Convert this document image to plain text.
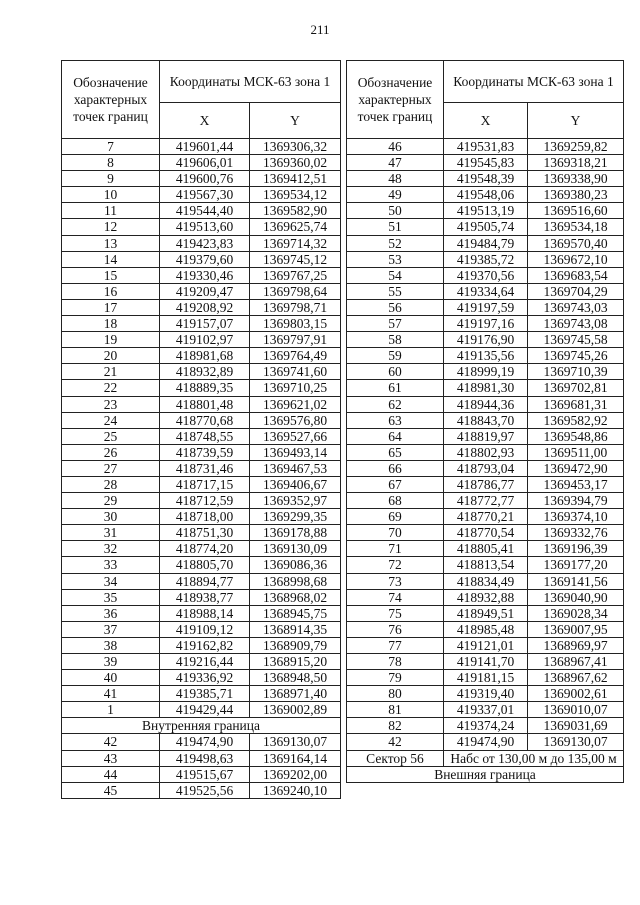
211
Обозначение характерных точек границ	Координаты МСК-63 зона 1	
	X	Y
7	419601,44	1369306,32
8	419606,01	1369360,02
9	419600,76	1369412,51
10	419567,30	1369534,12
11	419544,40	1369582,90
12	419513,60	1369625,74
13	419423,83	1369714,32
14	419379,60	1369745,12
15	419330,46	1369767,25
16	419209,47	1369798,64
17	419208,92	1369798,71
18	419157,07	1369803,15
19	419102,97	1369797,91
20	418981,68	1369764,49
21	418932,89	1369741,60
22	418889,35	1369710,25
23	418801,48	1369621,02
24	418770,68	1369576,80
25	418748,55	1369527,66
26	418739,59	1369493,14
27	418731,46	1369467,53
28	418717,15	1369406,67
29	418712,59	1369352,97
30	418718,00	1369299,35
31	418751,30	1369178,88
32	418774,20	1369130,09
33	418805,70	1369086,36
34	418894,77	1368998,68
35	418938,77	1368968,02
36	418988,14	1368945,75
37	419109,12	1368914,35
38	419162,82	1368909,79
39	419216,44	1368915,20
40	419336,92	1368948,50
41	419385,71	1368971,40
1	419429,44	1369002,89
Внутренняя граница		
42	419474,90	1369130,07
43	419498,63	1369164,14
44	419515,67	1369202,00
45	419525,56	1369240,10
Обозначение характерных точек границ	Координаты МСК-63 зона 1	
	X	Y
46	419531,83	1369259,82
47	419545,83	1369318,21
48	419548,39	1369338,90
49	419548,06	1369380,23
50	419513,19	1369516,60
51	419505,74	1369534,18
52	419484,79	1369570,40
53	419385,72	1369672,10
54	419370,56	1369683,54
55	419334,64	1369704,29
56	419197,59	1369743,03
57	419197,16	1369743,08
58	419176,90	1369745,58
59	419135,56	1369745,26
60	418999,19	1369710,39
61	418981,30	1369702,81
62	418944,36	1369681,31
63	418843,70	1369582,92
64	418819,97	1369548,86
65	418802,93	1369511,00
66	418793,04	1369472,90
67	418786,77	1369453,17
68	418772,77	1369394,79
69	418770,21	1369374,10
70	418770,54	1369332,76
71	418805,41	1369196,39
72	418813,54	1369177,20
73	418834,49	1369141,56
74	418932,88	1369040,90
75	418949,51	1369028,34
76	418985,48	1369007,95
77	419121,01	1368969,97
78	419141,70	1368967,41
79	419181,15	1368967,62
80	419319,40	1369002,61
81	419337,01	1369010,07
82	419374,24	1369031,69
42	419474,90	1369130,07
Сектор 56	Набс от 130,00 м до 135,00 м	
Внешняя граница		
